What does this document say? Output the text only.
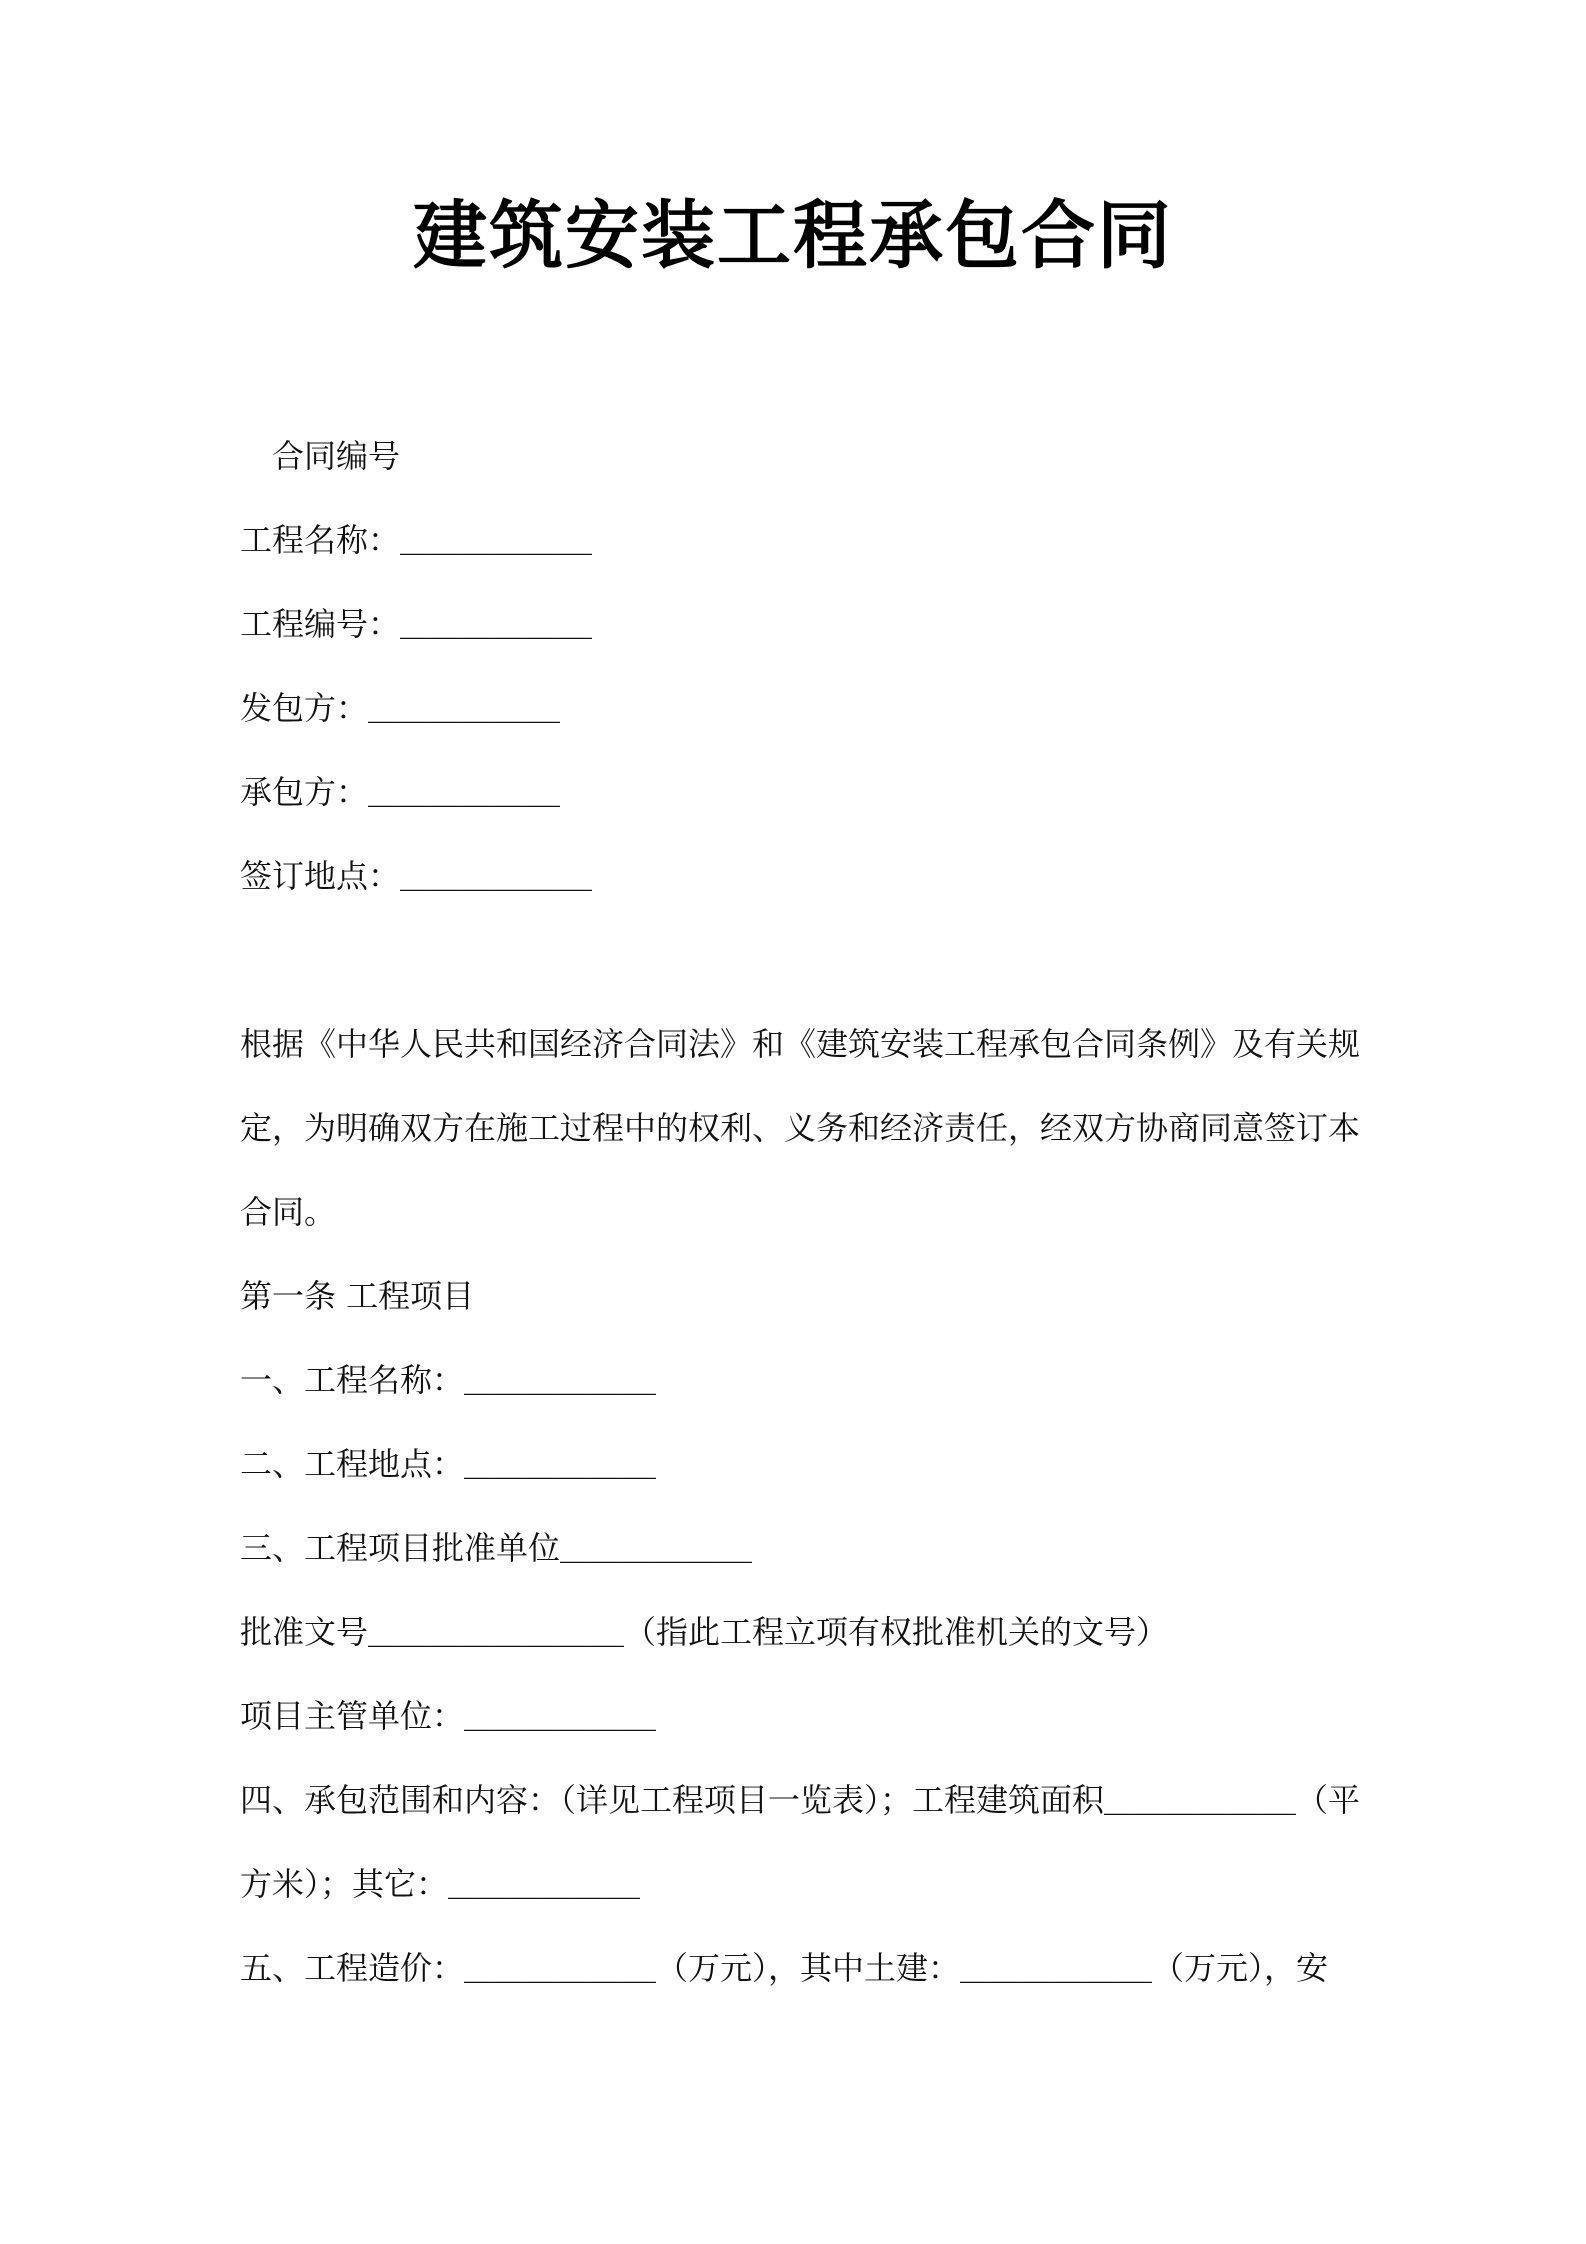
建筑安装工程承包合同
合同编号
工程名称：＿＿＿＿＿＿
工程编号：＿＿＿＿＿＿
发包方：＿＿＿＿＿＿
承包方：＿＿＿＿＿＿
签订地点：＿＿＿＿＿＿
根据《中华人民共和国经济合同法》和《建筑安装工程承包合同条例》及有关规
定，为明确双方在施工过程中的权利、义务和经济责任，经双方协商同意签订本
合同。
第一条 工程项目
一、工程名称：＿＿＿＿＿＿
二、工程地点：＿＿＿＿＿＿
三、工程项目批准单位＿＿＿＿＿＿
批准文号＿＿＿＿＿＿＿＿（指此工程立项有权批准机关的文号）
项目主管单位：＿＿＿＿＿＿
四、承包范围和内容：（详见工程项目一览表）；工程建筑面积＿＿＿＿＿＿（平
方米）；其它：＿＿＿＿＿＿
五、工程造价：＿＿＿＿＿＿（万元），其中土建：＿＿＿＿＿＿（万元），安
